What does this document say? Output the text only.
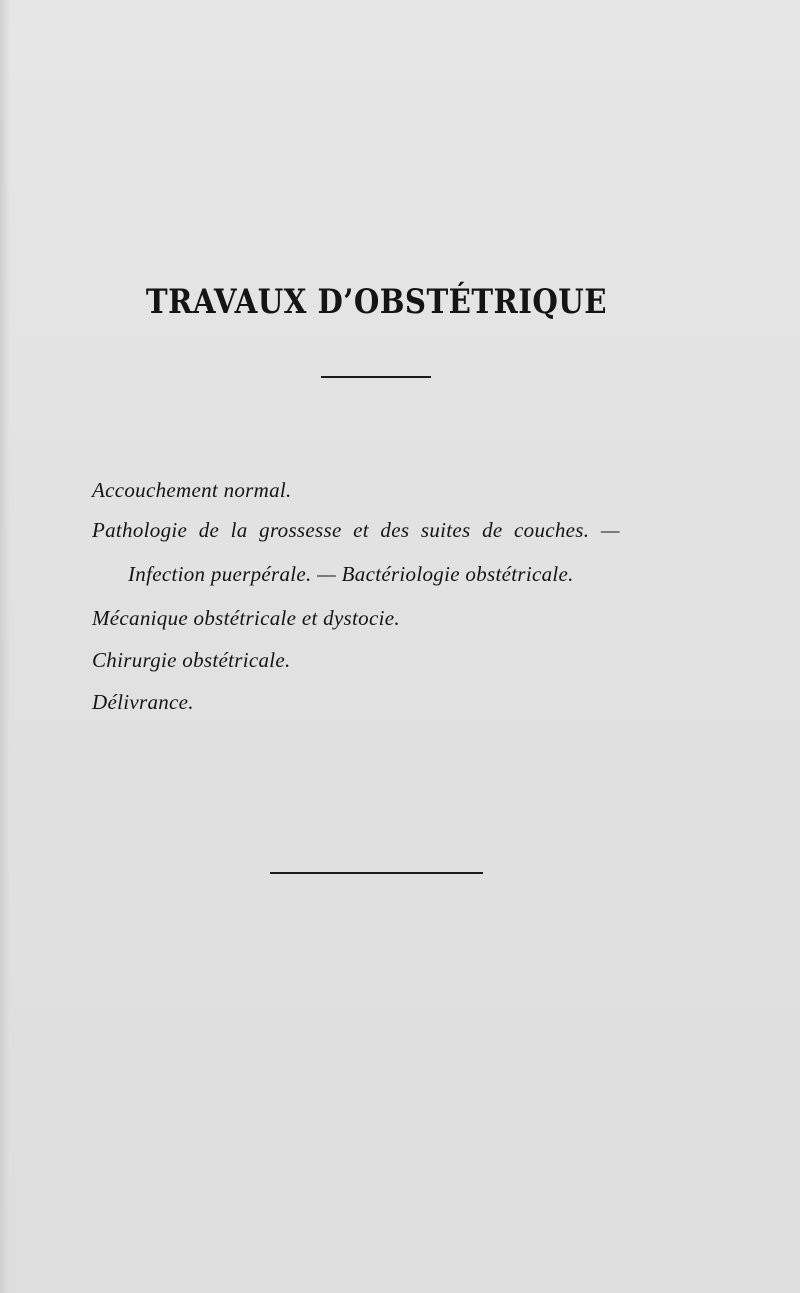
TRAVAUX D’OBSTÉTRIQUE
Accouchement normal.
Pathologie de la grossesse et des suites de couches. —
Infection puerpérale. — Bactériologie obstétricale.
Mécanique obstétricale et dystocie.
Chirurgie obstétricale.
Délivrance.
